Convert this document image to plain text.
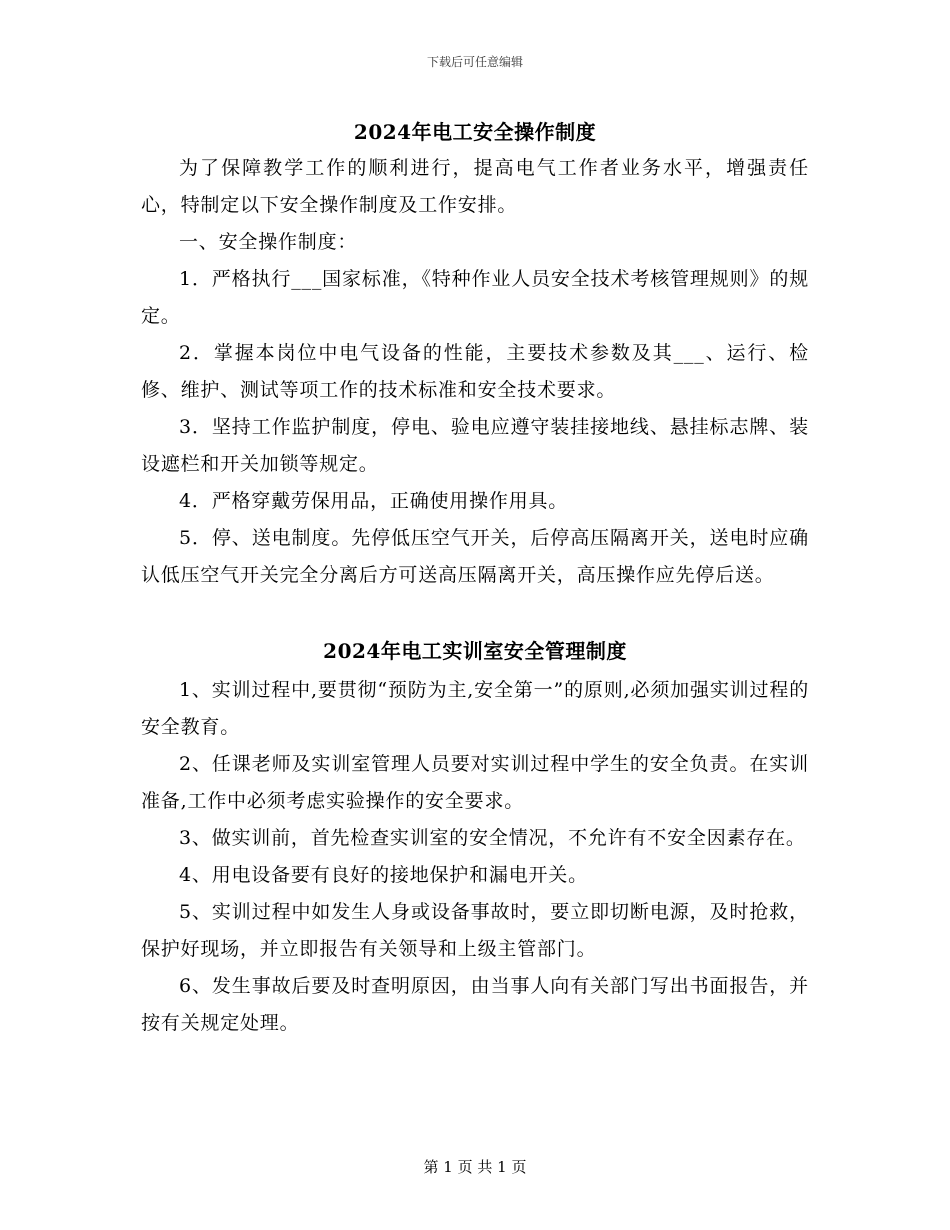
下载后可任意编辑
2024年电工安全操作制度

为了保障教学工作的顺利进行，提高电气工作者业务水平，增强责任心，特制定以下安全操作制度及工作安排。

一、安全操作制度：

1．严格执行___国家标准，《特种作业人员安全技术考核管理规则》的规定。

2．掌握本岗位中电气设备的性能，主要技术参数及其___、运行、检修、维护、测试等项工作的技术标准和安全技术要求。

3．坚持工作监护制度，停电、验电应遵守装挂接地线、悬挂标志牌、装设遮栏和开关加锁等规定。

4．严格穿戴劳保用品，正确使用操作用具。

5．停、送电制度。先停低压空气开关，后停高压隔离开关，送电时应确认低压空气开关完全分离后方可送高压隔离开关，高压操作应先停后送。

2024年电工实训室安全管理制度

1、实训过程中,要贯彻“预防为主,安全第一”的原则,必须加强实训过程的安全教育。

2、任课老师及实训室管理人员要对实训过程中学生的安全负责。在实训准备,工作中必须考虑实验操作的安全要求。

3、做实训前，首先检查实训室的安全情况，不允许有不安全因素存在。

4、用电设备要有良好的接地保护和漏电开关。

5、实训过程中如发生人身或设备事故时，要立即切断电源，及时抢救，保护好现场，并立即报告有关领导和上级主管部门。

6、发生事故后要及时查明原因，由当事人向有关部门写出书面报告，并按有关规定处理。

第 1 页 共 1 页
